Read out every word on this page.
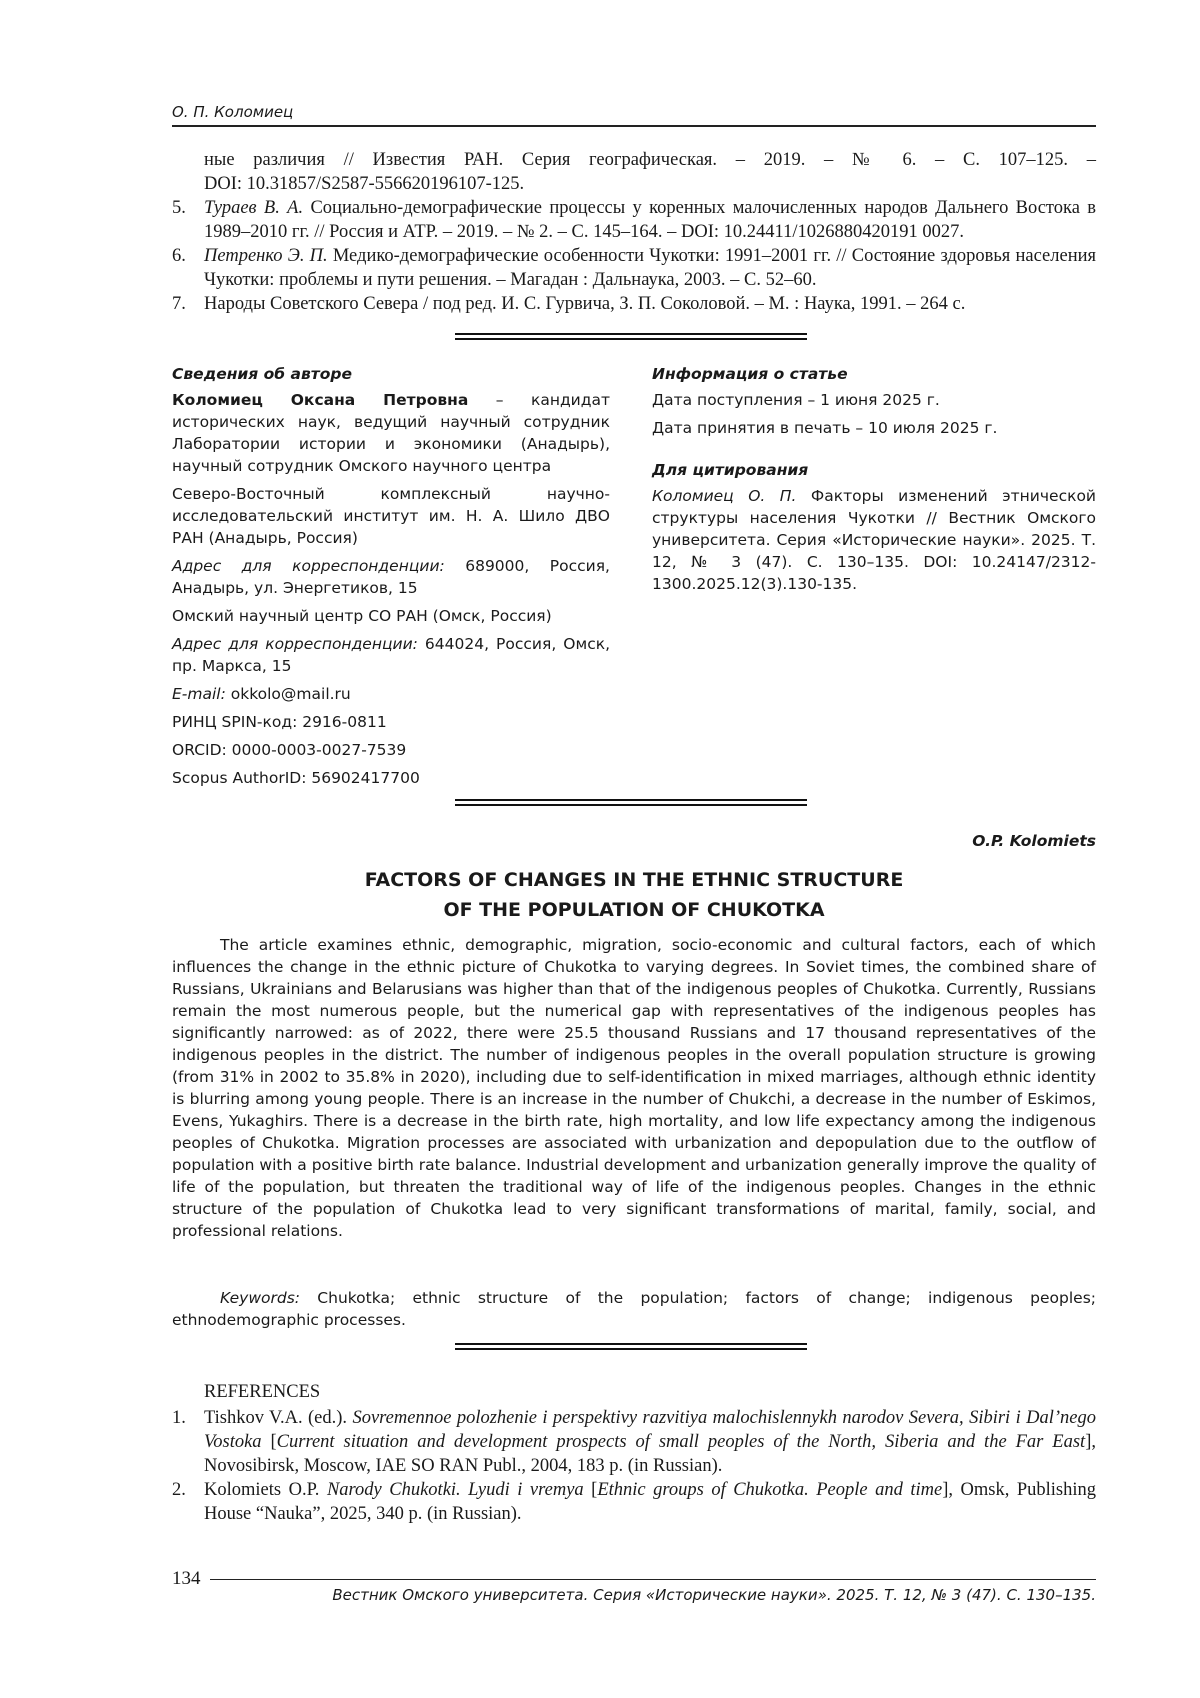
О. П. Коломиец
ные различия // Известия РАН. Серия географическая. – 2019. – № 6. – С. 107–125. –
DOI: 10.31857/S2587-556620196107-125.
5. Тураев В. А. Социально-демографические процессы у коренных малочисленных народов Дальнего Востока в 1989–2010 гг. // Россия и АТР. – 2019. – № 2. – С. 145–164. – DOI: 10.24411/1026880420191 0027.
6. Петренко Э. П. Медико-демографические особенности Чукотки: 1991–2001 гг. // Состояние здоровья населения Чукотки: проблемы и пути решения. – Магадан : Дальнаука, 2003. – С. 52–60.
7. Народы Советского Севера / под ред. И. С. Гурвича, З. П. Соколовой. – М. : Наука, 1991. – 264 с.
Сведения об авторе
Коломиец Оксана Петровна – кандидат исторических наук, ведущий научный сотрудник Лаборатории истории и экономики (Анадырь), научный сотрудник Омского научного центра
Северо-Восточный комплексный научно-исследовательский институт им. Н. А. Шило ДВО РАН (Анадырь, Россия)
Адрес для корреспонденции: 689000, Россия, Анадырь, ул. Энергетиков, 15
Омский научный центр СО РАН (Омск, Россия)
Адрес для корреспонденции: 644024, Россия, Омск, пр. Маркса, 15
E-mail: okkolo@mail.ru
РИНЦ SPIN-код: 2916-0811
ORCID: 0000-0003-0027-7539
Scopus AuthorID: 56902417700
Информация о статье
Дата поступления – 1 июня 2025 г.
Дата принятия в печать – 10 июля 2025 г.
Для цитирования
Коломиец О. П. Факторы изменений этнической структуры населения Чукотки // Вестник Омского университета. Серия «Исторические науки». 2025. Т. 12, № 3 (47). С. 130–135. DOI: 10.24147/2312-1300.2025.12(3).130-135.
O.P. Kolomiets
FACTORS OF CHANGES IN THE ETHNIC STRUCTURE
OF THE POPULATION OF CHUKOTKA
The article examines ethnic, demographic, migration, socio-economic and cultural factors, each of which influences the change in the ethnic picture of Chukotka to varying degrees. In Soviet times, the combined share of Russians, Ukrainians and Belarusians was higher than that of the indigenous peoples of Chukotka. Currently, Russians remain the most numerous people, but the numerical gap with representatives of the indigenous peoples has significantly narrowed: as of 2022, there were 25.5 thousand Russians and 17 thousand representatives of the indigenous peoples in the district. The number of indigenous peoples in the overall population structure is growing (from 31% in 2002 to 35.8% in 2020), including due to self-identification in mixed marriages, although ethnic identity is blurring among young people. There is an increase in the number of Chukchi, a decrease in the number of Eskimos, Evens, Yukaghirs. There is a decrease in the birth rate, high mortality, and low life expectancy among the indigenous peoples of Chukotka. Migration processes are associated with urbanization and depopulation due to the outflow of population with a positive birth rate balance. Industrial development and urbanization generally improve the quality of life of the population, but threaten the traditional way of life of the indigenous peoples. Changes in the ethnic structure of the population of Chukotka lead to very significant transformations of marital, family, social, and professional relations.
Keywords: Chukotka; ethnic structure of the population; factors of change; indigenous peoples; ethnodemographic processes.
REFERENCES
1. Tishkov V.A. (ed.). Sovremennoe polozhenie i perspektivy razvitiya malochislennykh narodov Severa, Sibiri i Dal’nego Vostoka [Current situation and development prospects of small peoples of the North, Siberia and the Far East], Novosibirsk, Moscow, IAE SO RAN Publ., 2004, 183 p. (in Russian).
2. Kolomiets O.P. Narody Chukotki. Lyudi i vremya [Ethnic groups of Chukotka. People and time], Omsk, Publishing House “Nauka”, 2025, 340 p. (in Russian).
134
Вестник Омского университета. Серия «Исторические науки». 2025. Т. 12, № 3 (47). С. 130–135.
